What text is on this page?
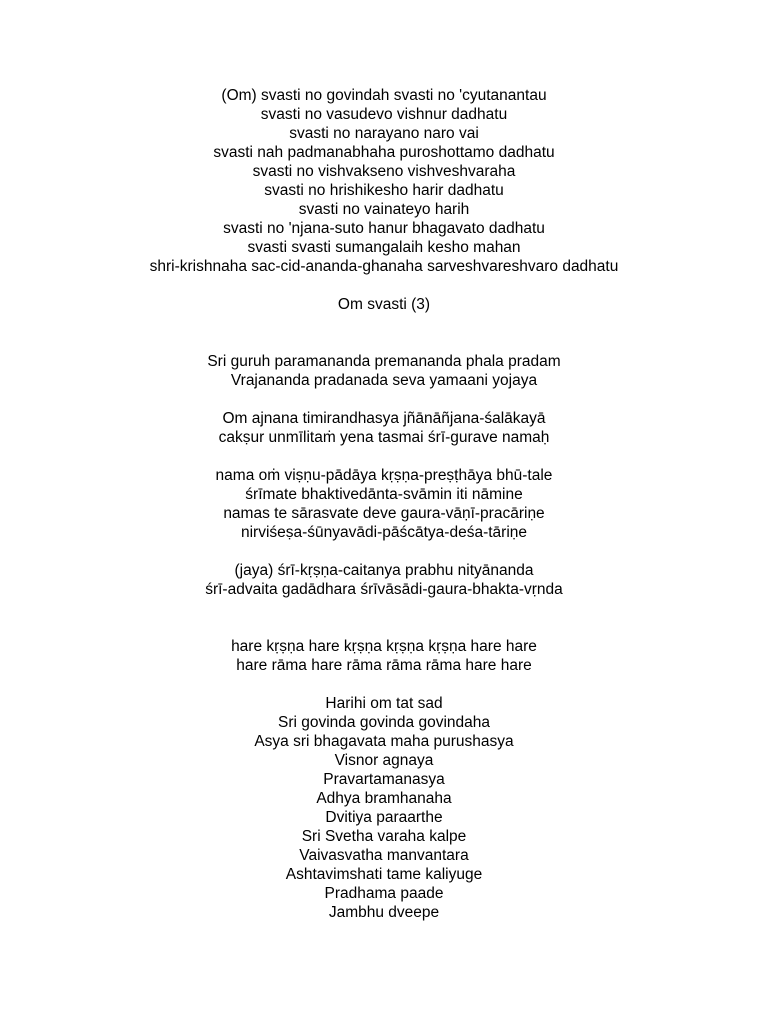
(Om) svasti no govindah svasti no 'cyutanantau
svasti no vasudevo vishnur dadhatu
svasti no narayano naro vai
svasti nah padmanabhaha puroshottamo dadhatu
svasti no vishvakseno vishveshvaraha
svasti no hrishikesho harir dadhatu
svasti no vainateyo harih
svasti no 'njana-suto hanur bhagavato dadhatu
svasti svasti sumangalaih kesho mahan
shri-krishnaha sac-cid-ananda-ghanaha sarveshvareshvaro dadhatu
Om svasti (3)
Sri guruh paramananda premananda phala pradam
Vrajananda pradanada seva yamaani yojaya
Om ajnana timirandhasya jñānāñjana-śalākayā
cakṣur unmīlitaṁ yena tasmai śrī-gurave namaḥ
nama oṁ viṣṇu-pādāya kṛṣṇa-preṣṭhāya bhū-tale
śrīmate bhaktivedānta-svāmin iti nāmine
namas te sārasvate deve gaura-vāṇī-pracāriṇe
nirviśeṣa-śūnyavādi-pāścātya-deśa-tāriṇe
(jaya) śrī-kṛṣṇa-caitanya prabhu nityānanda
śrī-advaita gadādhara śrīvāsādi-gaura-bhakta-vṛnda
hare kṛṣṇa hare kṛṣṇa kṛṣṇa kṛṣṇa hare hare
hare rāma hare rāma rāma rāma hare hare
Harihi om tat sad
Sri govinda govinda govindaha
Asya sri bhagavata maha purushasya
Visnor agnaya
Pravartamanasya
Adhya bramhanaha
Dvitiya paraarthe
Sri Svetha varaha kalpe
Vaivasvatha manvantara
Ashtavimshati tame kaliyuge
Pradhama paade
Jambhu dveepe
